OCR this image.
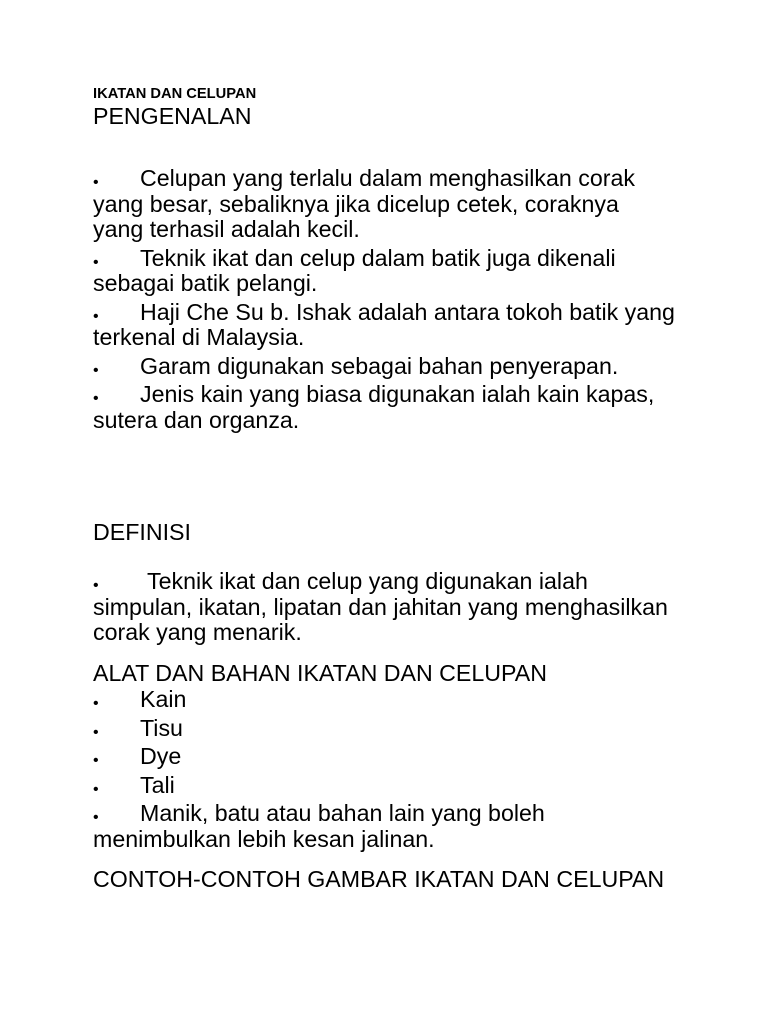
IKATAN DAN CELUPAN
PENGENALAN
•	Celupan yang terlalu dalam menghasilkan corak
yang besar, sebaliknya jika dicelup cetek, coraknya
yang terhasil adalah kecil.
•	Teknik ikat dan celup dalam batik juga dikenali
sebagai batik pelangi.
•	Haji Che Su b. Ishak adalah antara tokoh batik yang
terkenal di Malaysia.
•	Garam digunakan sebagai bahan penyerapan.
•	Jenis kain yang biasa digunakan ialah kain kapas,
sutera dan organza.
DEFINISI
•	Teknik ikat dan celup yang digunakan ialah
simpulan, ikatan, lipatan dan jahitan yang menghasilkan
corak yang menarik.
ALAT DAN BAHAN IKATAN DAN CELUPAN
•	Kain
•	Tisu
•	Dye
•	Tali
•	Manik, batu atau bahan lain yang boleh
menimbulkan lebih kesan jalinan.
CONTOH-CONTOH GAMBAR IKATAN DAN CELUPAN
